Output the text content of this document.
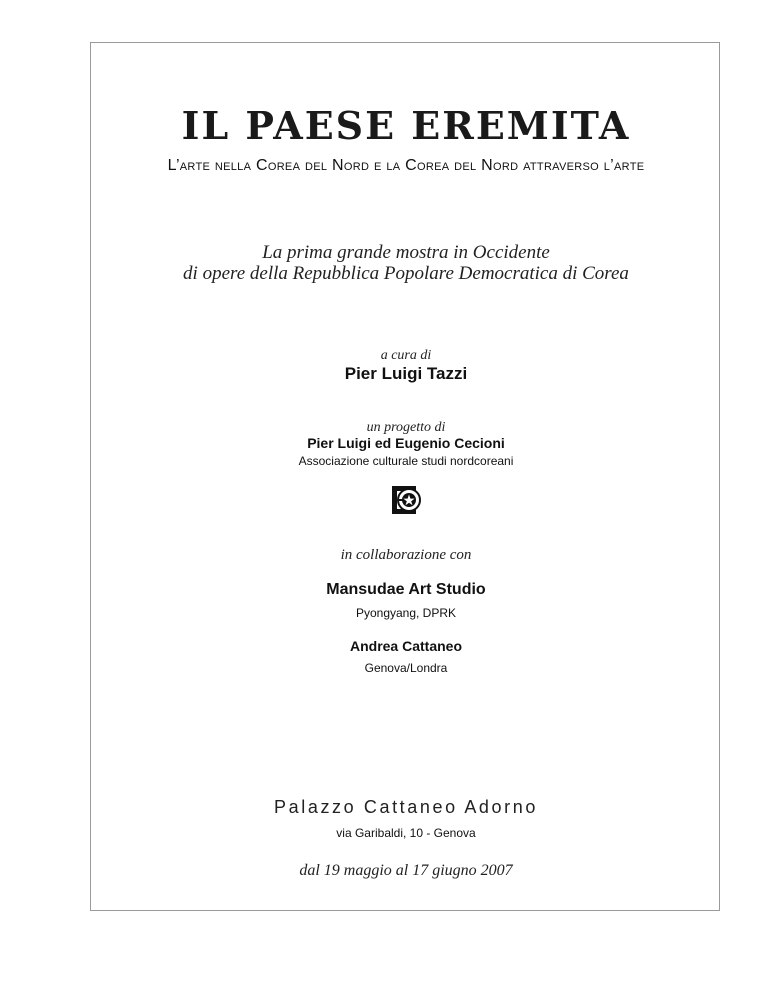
IL PAESE EREMITA
L’arte nella Corea del Nord e la Corea del Nord attraverso l’arte
La prima grande mostra in Occidente
di opere della Repubblica Popolare Democratica di Corea
a cura di
Pier Luigi Tazzi
un progetto di
Pier Luigi ed Eugenio Cecioni
Associazione culturale studi nordcoreani
in collaborazione con
Mansudae Art Studio
Pyongyang, DPRK
Andrea Cattaneo
Genova/Londra
Palazzo Cattaneo Adorno
via Garibaldi, 10 - Genova
dal 19 maggio al 17 giugno 2007
